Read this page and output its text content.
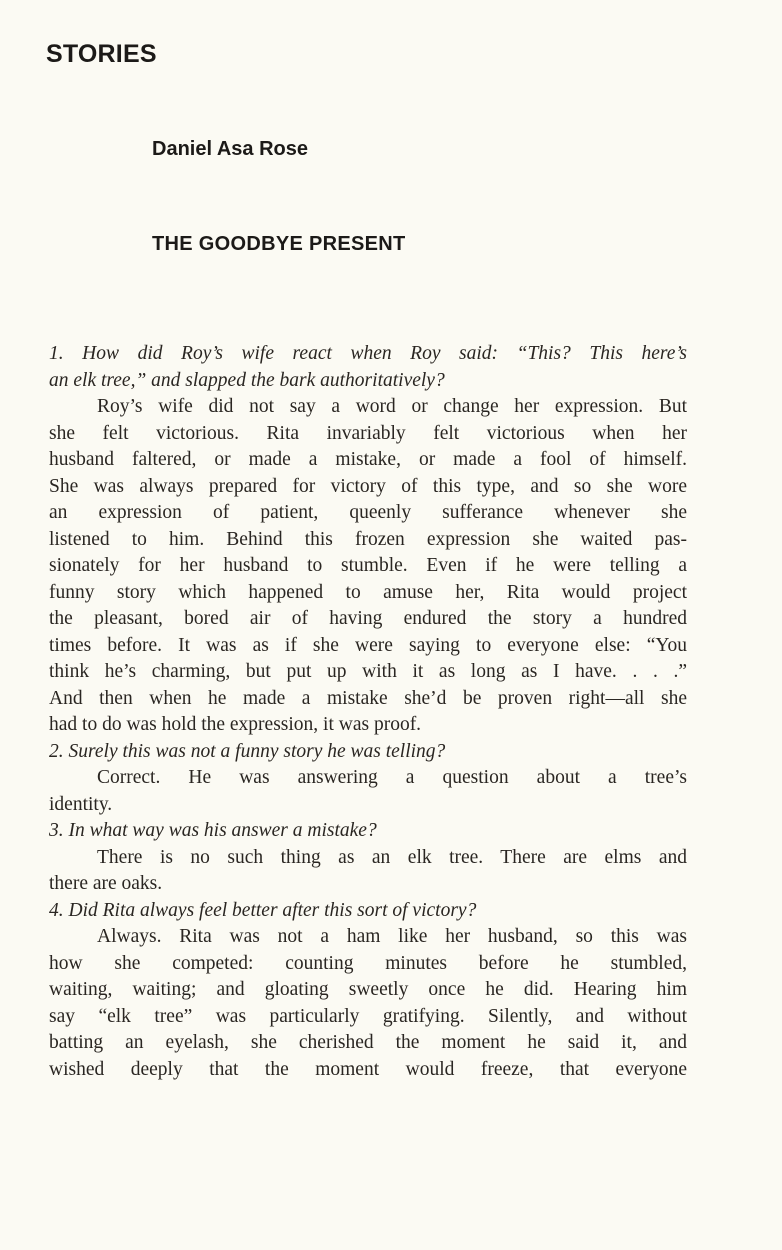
STORIES
Daniel Asa Rose
THE GOODBYE PRESENT
1. How did Roy’s wife react when Roy said: “This? This here’s
an elk tree,” and slapped the bark authoritatively?
Roy’s wife did not say a word or change her expression. But
she felt victorious. Rita invariably felt victorious when her
husband faltered, or made a mistake, or made a fool of himself.
She was always prepared for victory of this type, and so she wore
an expression of patient, queenly sufferance whenever she
listened to him. Behind this frozen expression she waited pas-
sionately for her husband to stumble. Even if he were telling a
funny story which happened to amuse her, Rita would project
the pleasant, bored air of having endured the story a hundred
times before. It was as if she were saying to everyone else: “You
think he’s charming, but put up with it as long as I have. . . .”
And then when he made a mistake she’d be proven right—all she
had to do was hold the expression, it was proof.
2. Surely this was not a funny story he was telling?
Correct. He was answering a question about a tree’s
identity.
3. In what way was his answer a mistake?
There is no such thing as an elk tree. There are elms and
there are oaks.
4. Did Rita always feel better after this sort of victory?
Always. Rita was not a ham like her husband, so this was
how she competed: counting minutes before he stumbled,
waiting, waiting; and gloating sweetly once he did. Hearing him
say “elk tree” was particularly gratifying. Silently, and without
batting an eyelash, she cherished the moment he said it, and
wished deeply that the moment would freeze, that everyone
